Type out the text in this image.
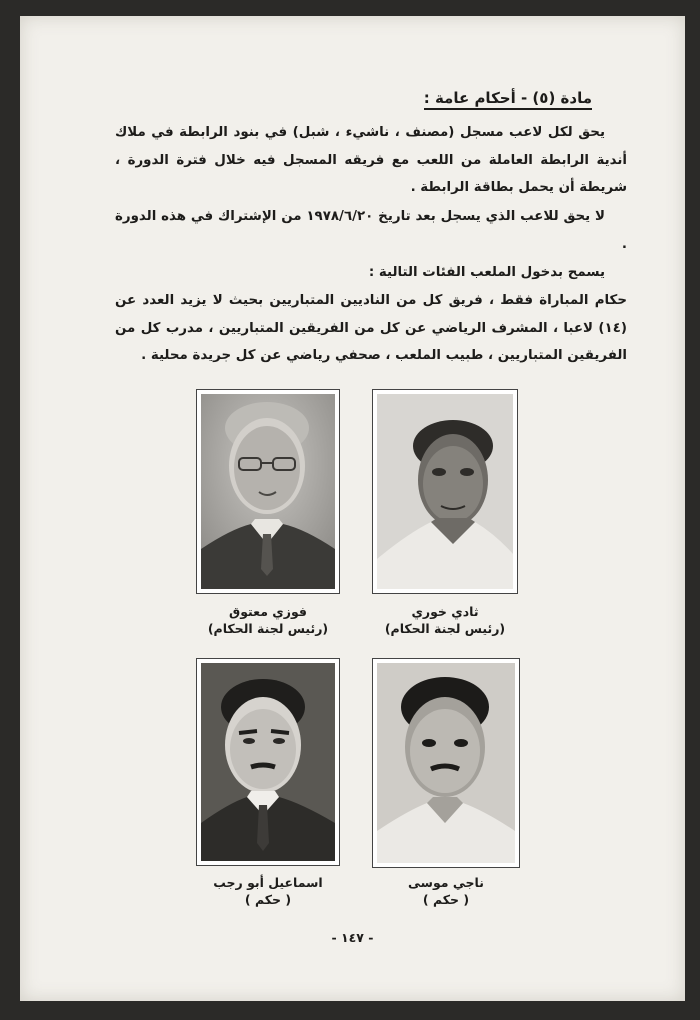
مادة (٥) - أحكام عامة :

يحق لكل لاعب مسجل (مصنف ، ناشيء ، شبل) في بنود الرابطة في ملاك أندية الرابطة العاملة من اللعب مع فريقه المسجل فيه خلال فترة الدورة ، شريطة أن يحمل بطاقة الرابطة .

لا يحق للاعب الذي يسجل بعد تاريخ ١٩٧٨/٦/٢٠ من الإشتراك في هذه الدورة .

يسمح بدخول الملعب الفئات التالية :

حكام المباراة فقط ، فريق كل من الناديين المتباريين بحيث لا يزيد العدد عن (١٤) لاعبا ، المشرف الرياضي عن كل من الفريقين المتباريين ، مدرب كل من الفريقين المتباريين ، طبيب الملعب ، صحفي رياضي عن كل جريدة محلية .

فوزي معتوق
(رئيس لجنة الحكام)
ثادي خوري
(رئيس لجنة الحكام)
اسماعيل أبو رجب
( حكم )
ناجي موسى
( حكم )
- ١٤٧ -
